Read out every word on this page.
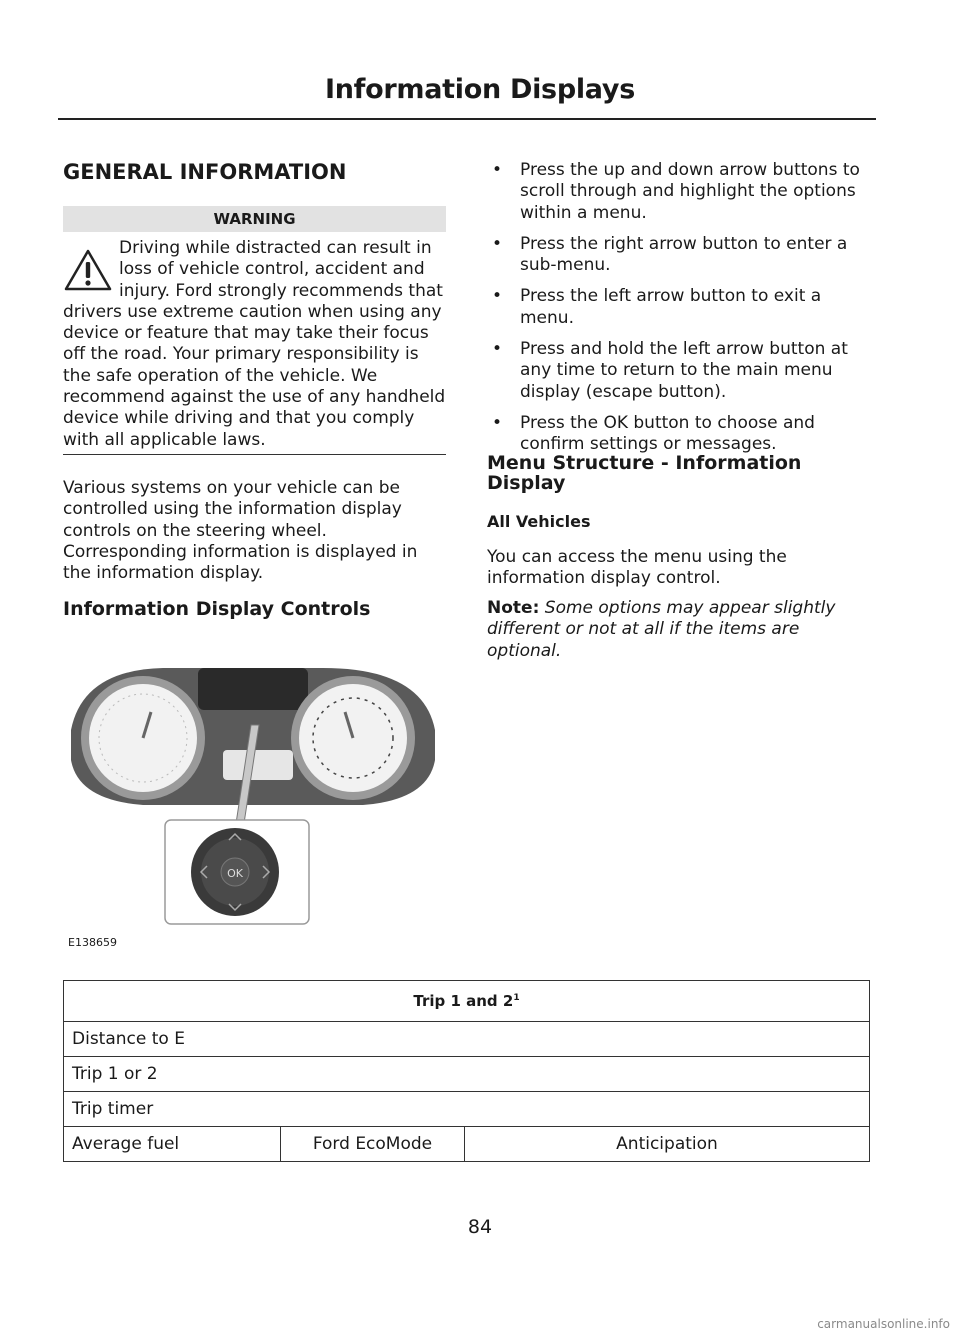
Information Displays
GENERAL INFORMATION
WARNING
Driving while distracted can result in loss of vehicle control, accident and injury. Ford strongly recommends that drivers use extreme caution when using any device or feature that may take their focus off the road. Your primary responsibility is the safe operation of the vehicle. We recommend against the use of any handheld device while driving and that you comply with all applicable laws.
Various systems on your vehicle can be controlled using the information display controls on the steering wheel. Corresponding information is displayed in the information display.
Information Display Controls
OK
E138659
• Press the up and down arrow buttons to scroll through and highlight the options within a menu.
• Press the right arrow button to enter a sub-menu.
• Press the left arrow button to exit a menu.
• Press and hold the left arrow button at any time to return to the main menu display (escape button).
• Press the OK button to choose and confirm settings or messages.
Menu Structure - Information Display
All Vehicles
You can access the menu using the information display control.
Note: Some options may appear slightly different or not at all if the items are optional.
Trip 1 and $2^1$
Distance to E
Trip 1 or 2
Trip timer
Average fuel	Ford EcoMode	Anticipation
84
carmanualsonline.info
